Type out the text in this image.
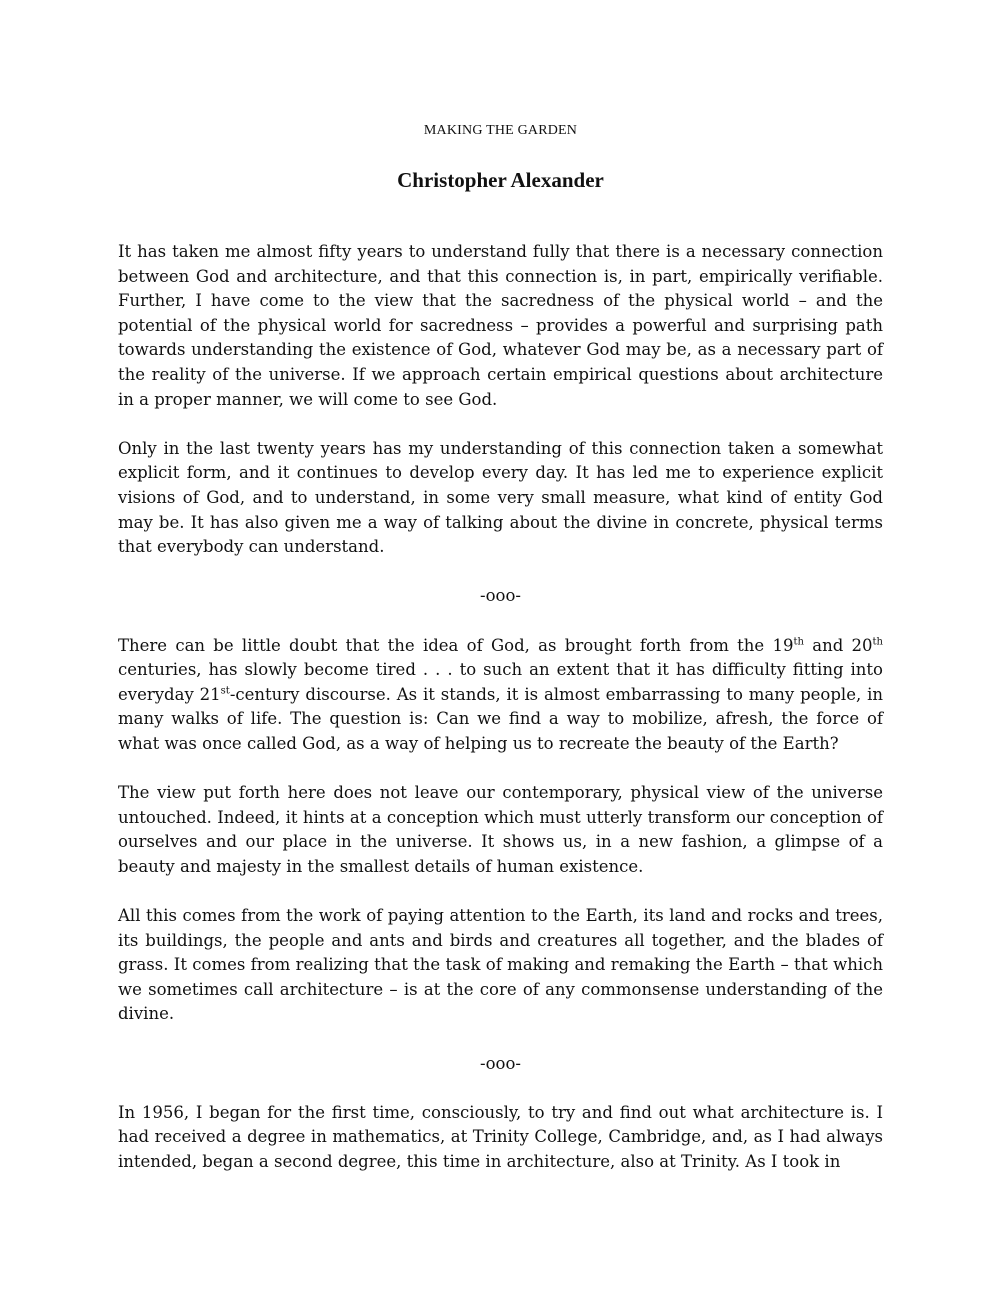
MAKING THE GARDEN
Christopher Alexander

It has taken me almost fifty years to understand fully that there is a necessary connection between God and architecture, and that this connection is, in part, empirically verifiable. Further, I have come to the view that the sacredness of the physical world – and the potential of the physical world for sacredness – provides a powerful and surprising path towards understanding the existence of God, whatever God may be, as a necessary part of the reality of the universe. If we approach certain empirical questions about architecture in a proper manner, we will come to see God.

Only in the last twenty years has my understanding of this connection taken a somewhat explicit form, and it continues to develop every day. It has led me to experience explicit visions of God, and to understand, in some very small measure, what kind of entity God may be. It has also given me a way of talking about the divine in concrete, physical terms that everybody can understand.

-ooo-

There can be little doubt that the idea of God, as brought forth from the 19th and 20th centuries, has slowly become tired . . . to such an extent that it has difficulty fitting into everyday 21st-century discourse. As it stands, it is almost embarrassing to many people, in many walks of life. The question is: Can we find a way to mobilize, afresh, the force of what was once called God, as a way of helping us to recreate the beauty of the Earth?

The view put forth here does not leave our contemporary, physical view of the universe untouched. Indeed, it hints at a conception which must utterly transform our conception of ourselves and our place in the universe. It shows us, in a new fashion, a glimpse of a beauty and majesty in the smallest details of human existence.

All this comes from the work of paying attention to the Earth, its land and rocks and trees, its buildings, the people and ants and birds and creatures all together, and the blades of grass. It comes from realizing that the task of making and remaking the Earth – that which we sometimes call architecture – is at the core of any commonsense understanding of the divine.

-ooo-

In 1956, I began for the first time, consciously, to try and find out what architecture is. I had received a degree in mathematics, at Trinity College, Cambridge, and, as I had always intended, began a second degree, this time in architecture, also at Trinity. As I took in
